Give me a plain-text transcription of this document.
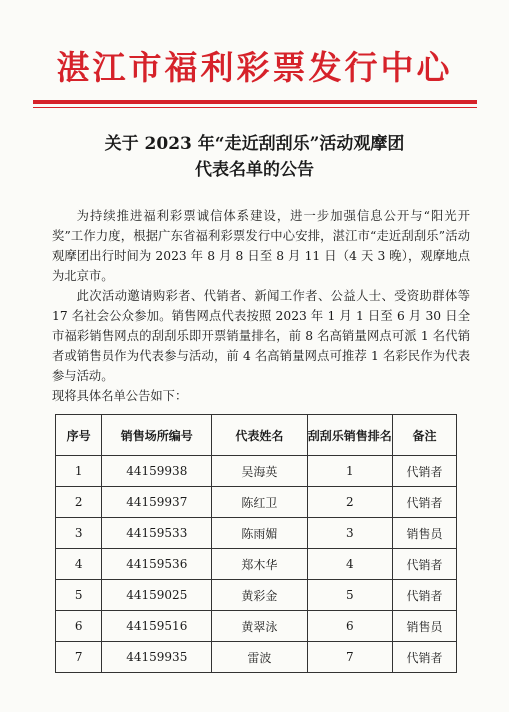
湛江市福利彩票发行中心
关于 2023 年“走近刮刮乐”活动观摩团
代表名单的公告

为持续推进福利彩票诚信体系建设，进一步加强信息公开与“阳光开奖”工作力度，根据广东省福利彩票发行中心安排，湛江市“走近刮刮乐”活动观摩团出行时间为 2023 年 8 月 8 日至 8 月 11 日（4 天 3 晚），观摩地点为北京市。

此次活动邀请购彩者、代销者、新闻工作者、公益人士、受资助群体等 17 名社会公众参加。销售网点代表按照 2023 年 1 月 1 日至 6 月 30 日全市福彩销售网点的刮刮乐即开票销量排名，前 8 名高销量网点可派 1 名代销者或销售员作为代表参与活动，前 4 名高销量网点可推荐 1 名彩民作为代表参与活动。

现将具体名单公告如下：

序号	销售场所编号	代表姓名	刮刮乐销售排名	备注
1	44159938	吴海英	1	代销者
2	44159937	陈红卫	2	代销者
3	44159533	陈雨媚	3	销售员
4	44159536	郑木华	4	代销者
5	44159025	黄彩金	5	代销者
6	44159516	黄翠泳	6	销售员
7	44159935	雷波	7	代销者
